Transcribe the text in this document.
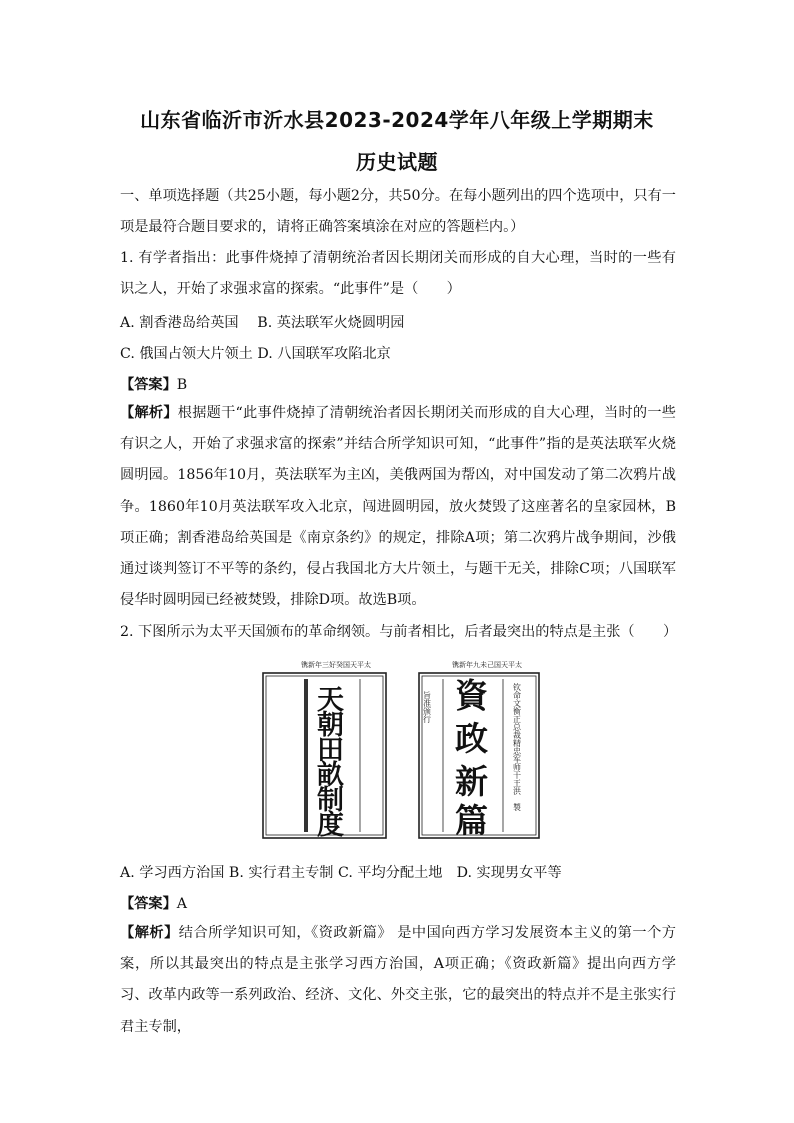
山东省临沂市沂水县2023-2024学年八年级上学期期末
历史试题

一、单项选择题（共25小题，每小题2分，共50分。在每小题列出的四个选项中，只有一项是最符合题目要求的，请将正确答案填涂在对应的答题栏内。）

1. 有学者指出：此事件烧掉了清朝统治者因长期闭关而形成的自大心理，当时的一些有识之人，开始了求强求富的探索。“此事件”是（　　）

A. 割香港岛给英国　 B. 英法联军火烧圆明园
C. 俄国占领大片领土 D. 八国联军攻陷北京
【答案】B

【解析】根据题干“此事件烧掉了清朝统治者因长期闭关而形成的自大心理，当时的一些有识之人，开始了求强求富的探索”并结合所学知识可知，“此事件”指的是英法联军火烧圆明园。1856年10月，英法联军为主凶，美俄两国为帮凶，对中国发动了第二次鸦片战争。1860年10月英法联军攻入北京，闯进圆明园，放火焚毁了这座著名的皇家园林，B项正确；割香港岛给英国是《南京条约》的规定，排除A项；第二次鸦片战争期间，沙俄通过谈判签订不平等的条约，侵占我国北方大片领土，与题干无关，排除C项；八国联军侵华时圆明园已经被焚毁，排除D项。故选B项。

2. 下图所示为太平天国颁布的革命纲领。与前者相比，后者最突出的特点是主张（　　）

镌新年三好癸国天平太
天
朝
田
畝
制
度
镌新年九未己国天平太
旨准颁行 資
政
新
篇
钦命文衡正总裁精忠军师干王洪　製
A. 学习西方治国 B. 实行君主专制 C. 平均分配土地　D. 实现男女平等
【答案】A

【解析】结合所学知识可知，《资政新篇》 是中国向西方学习发展资本主义的第一个方案，所以其最突出的特点是主张学习西方治国，A项正确；《资政新篇》提出向西方学习、改革内政等一系列政治、经济、文化、外交主张，它的最突出的特点并不是主张实行君主专制，
